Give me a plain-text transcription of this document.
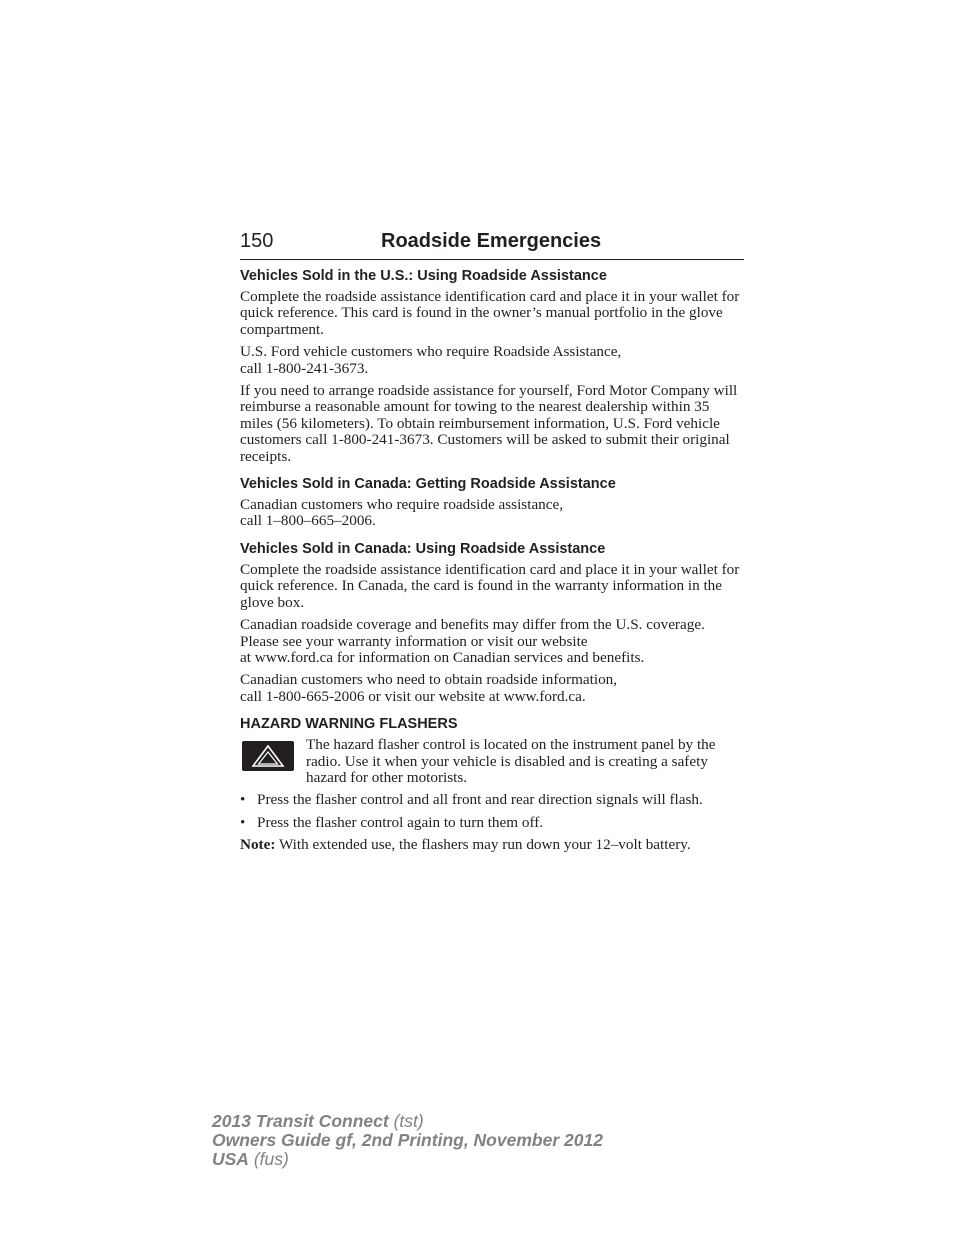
150	Roadside Emergencies
Vehicles Sold in the U.S.: Using Roadside Assistance

Complete the roadside assistance identification card and place it in your wallet for quick reference. This card is found in the owner’s manual portfolio in the glove compartment.

U.S. Ford vehicle customers who require Roadside Assistance,
call 1-800-241-3673.

If you need to arrange roadside assistance for yourself, Ford Motor Company will reimburse a reasonable amount for towing to the nearest dealership within 35 miles (56 kilometers). To obtain reimbursement information, U.S. Ford vehicle customers call 1-800-241-3673. Customers will be asked to submit their original receipts.

Vehicles Sold in Canada: Getting Roadside Assistance

Canadian customers who require roadside assistance,
call 1–800–665–2006.

Vehicles Sold in Canada: Using Roadside Assistance

Complete the roadside assistance identification card and place it in your wallet for quick reference. In Canada, the card is found in the warranty information in the glove box.

Canadian roadside coverage and benefits may differ from the U.S. coverage. Please see your warranty information or visit our website
at www.ford.ca for information on Canadian services and benefits.

Canadian customers who need to obtain roadside information,
call 1-800-665-2006 or visit our website at www.ford.ca.

HAZARD WARNING FLASHERS

The hazard flasher control is located on the instrument panel by the radio. Use it when your vehicle is disabled and is creating a safety hazard for other motorists.

• Press the flasher control and all front and rear direction signals will flash.
• Press the flasher control again to turn them off.

Note: With extended use, the flashers may run down your 12–volt battery.

2013 Transit Connect (tst)
Owners Guide gf, 2nd Printing, November 2012
USA (fus)
